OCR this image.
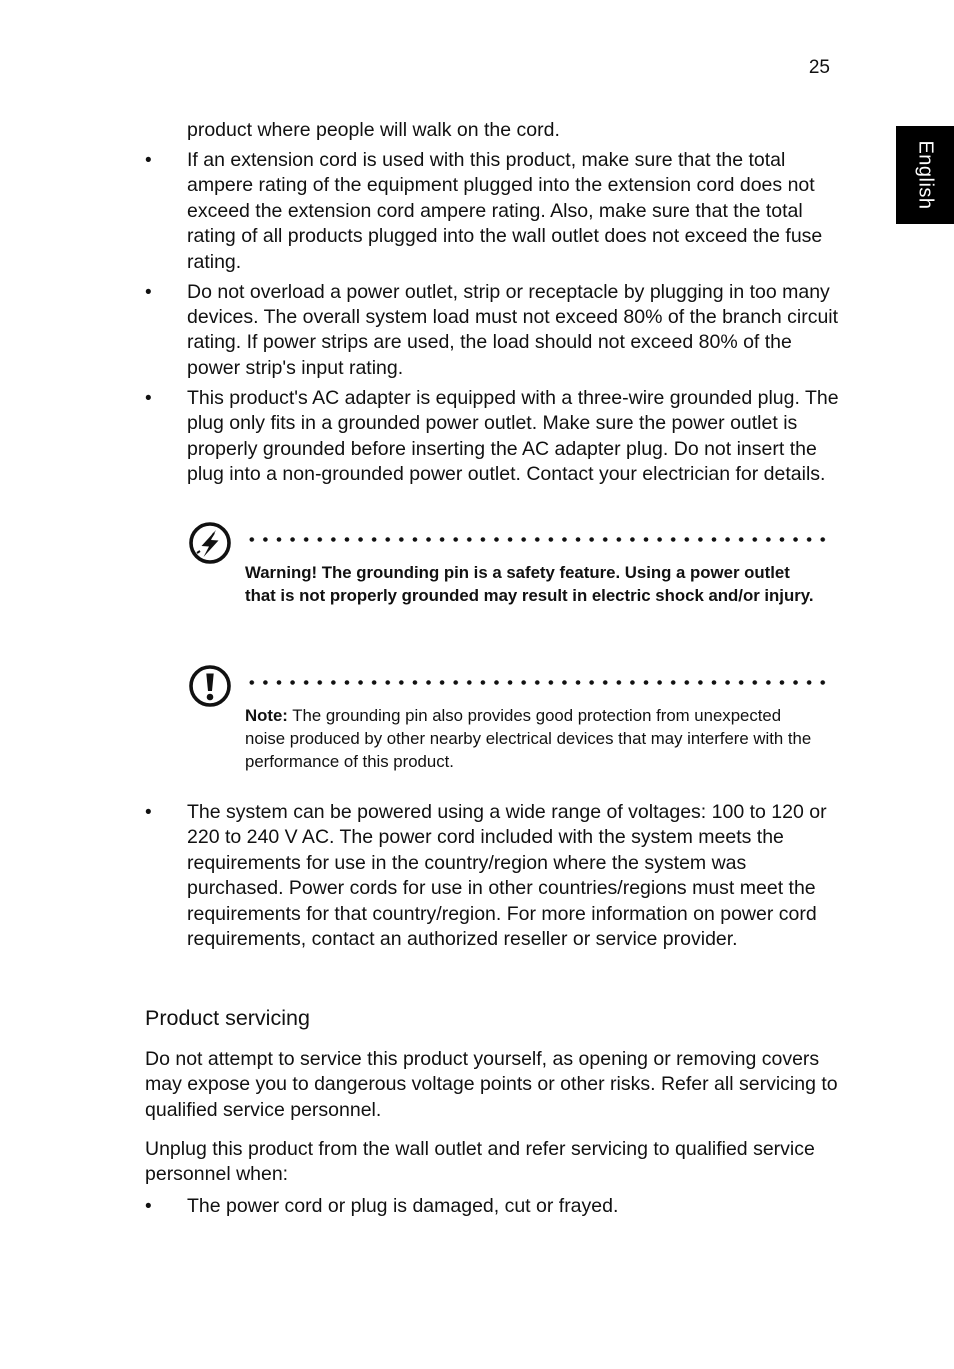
25
English
product where people will walk on the cord.
• If an extension cord is used with this product, make sure that the total ampere rating of the equipment plugged into the extension cord does not exceed the extension cord ampere rating. Also, make sure that the total rating of all products plugged into the wall outlet does not exceed the fuse rating.
• Do not overload a power outlet, strip or receptacle by plugging in too many devices. The overall system load must not exceed 80% of the branch circuit rating. If power strips are used, the load should not exceed 80% of the power strip's input rating.
• This product's AC adapter is equipped with a three-wire grounded plug. The plug only fits in a grounded power outlet. Make sure the power outlet is properly grounded before inserting the AC adapter plug. Do not insert the plug into a non-grounded power outlet. Contact your electrician for details.
Warning! The grounding pin is a safety feature. Using a power outlet that is not properly grounded may result in electric shock and/or injury.
Note: The grounding pin also provides good protection from unexpected noise produced by other nearby electrical devices that may interfere with the performance of this product.
• The system can be powered using a wide range of voltages: 100 to 120 or 220 to 240 V AC. The power cord included with the system meets the requirements for use in the country/region where the system was purchased. Power cords for use in other countries/regions must meet the requirements for that country/region. For more information on power cord requirements, contact an authorized reseller or service provider.
Product servicing

Do not attempt to service this product yourself, as opening or removing covers may expose you to dangerous voltage points or other risks. Refer all servicing to qualified service personnel.

Unplug this product from the wall outlet and refer servicing to qualified service personnel when:

• The power cord or plug is damaged, cut or frayed.
